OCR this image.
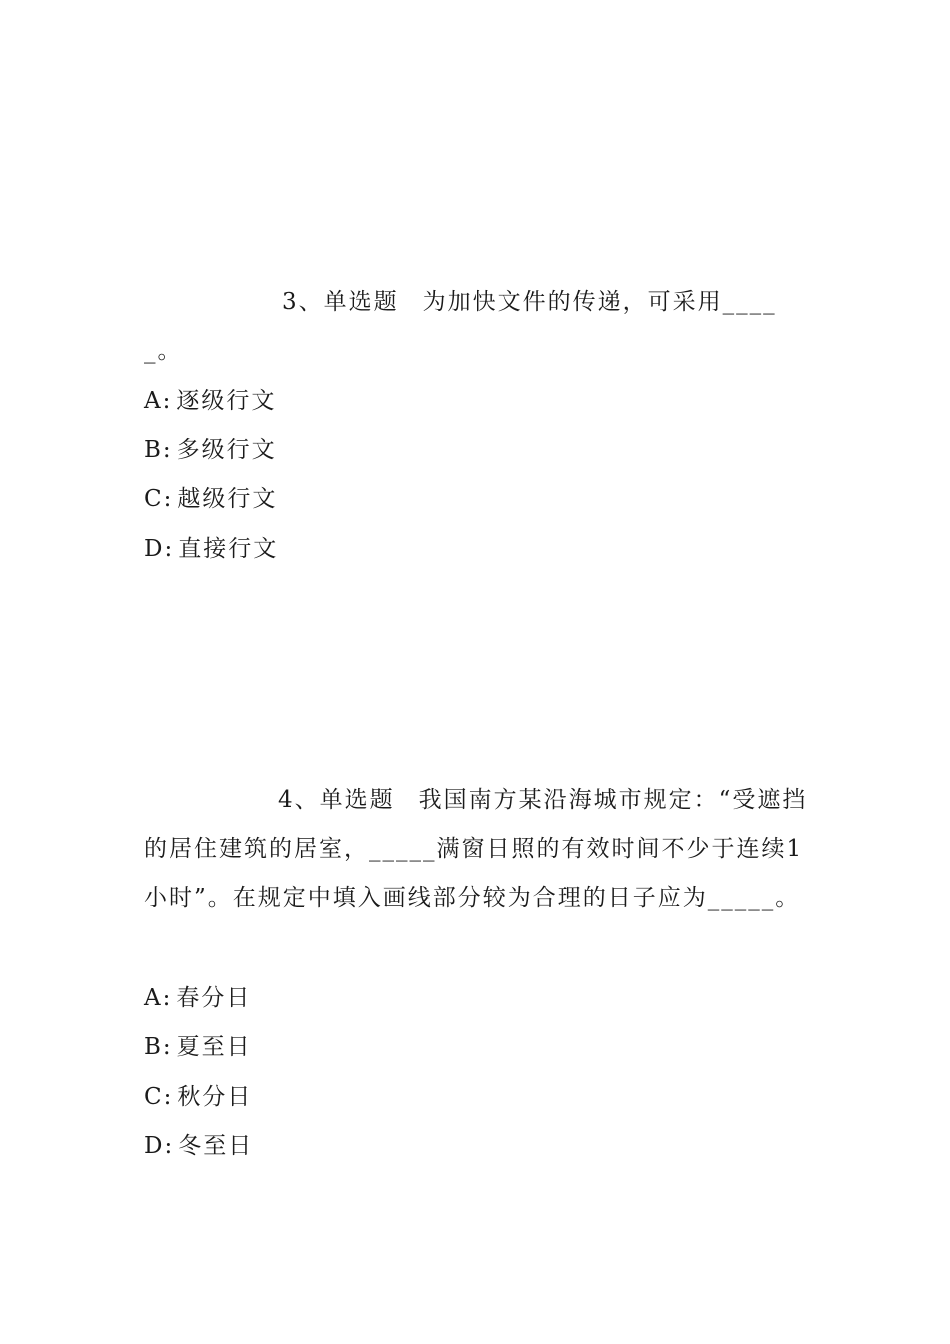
3、单选题 为加快文件的传递，可采用_____。

A: 逐级行文

B: 多级行文

C: 越级行文

D: 直接行文

4、单选题 我国南方某沿海城市规定：“受遮挡的居住建筑的居室，_____满窗日照的有效时间不少于连续1小时”。在规定中填入画线部分较为合理的日子应为_____。

A: 春分日

B: 夏至日

C: 秋分日

D: 冬至日
